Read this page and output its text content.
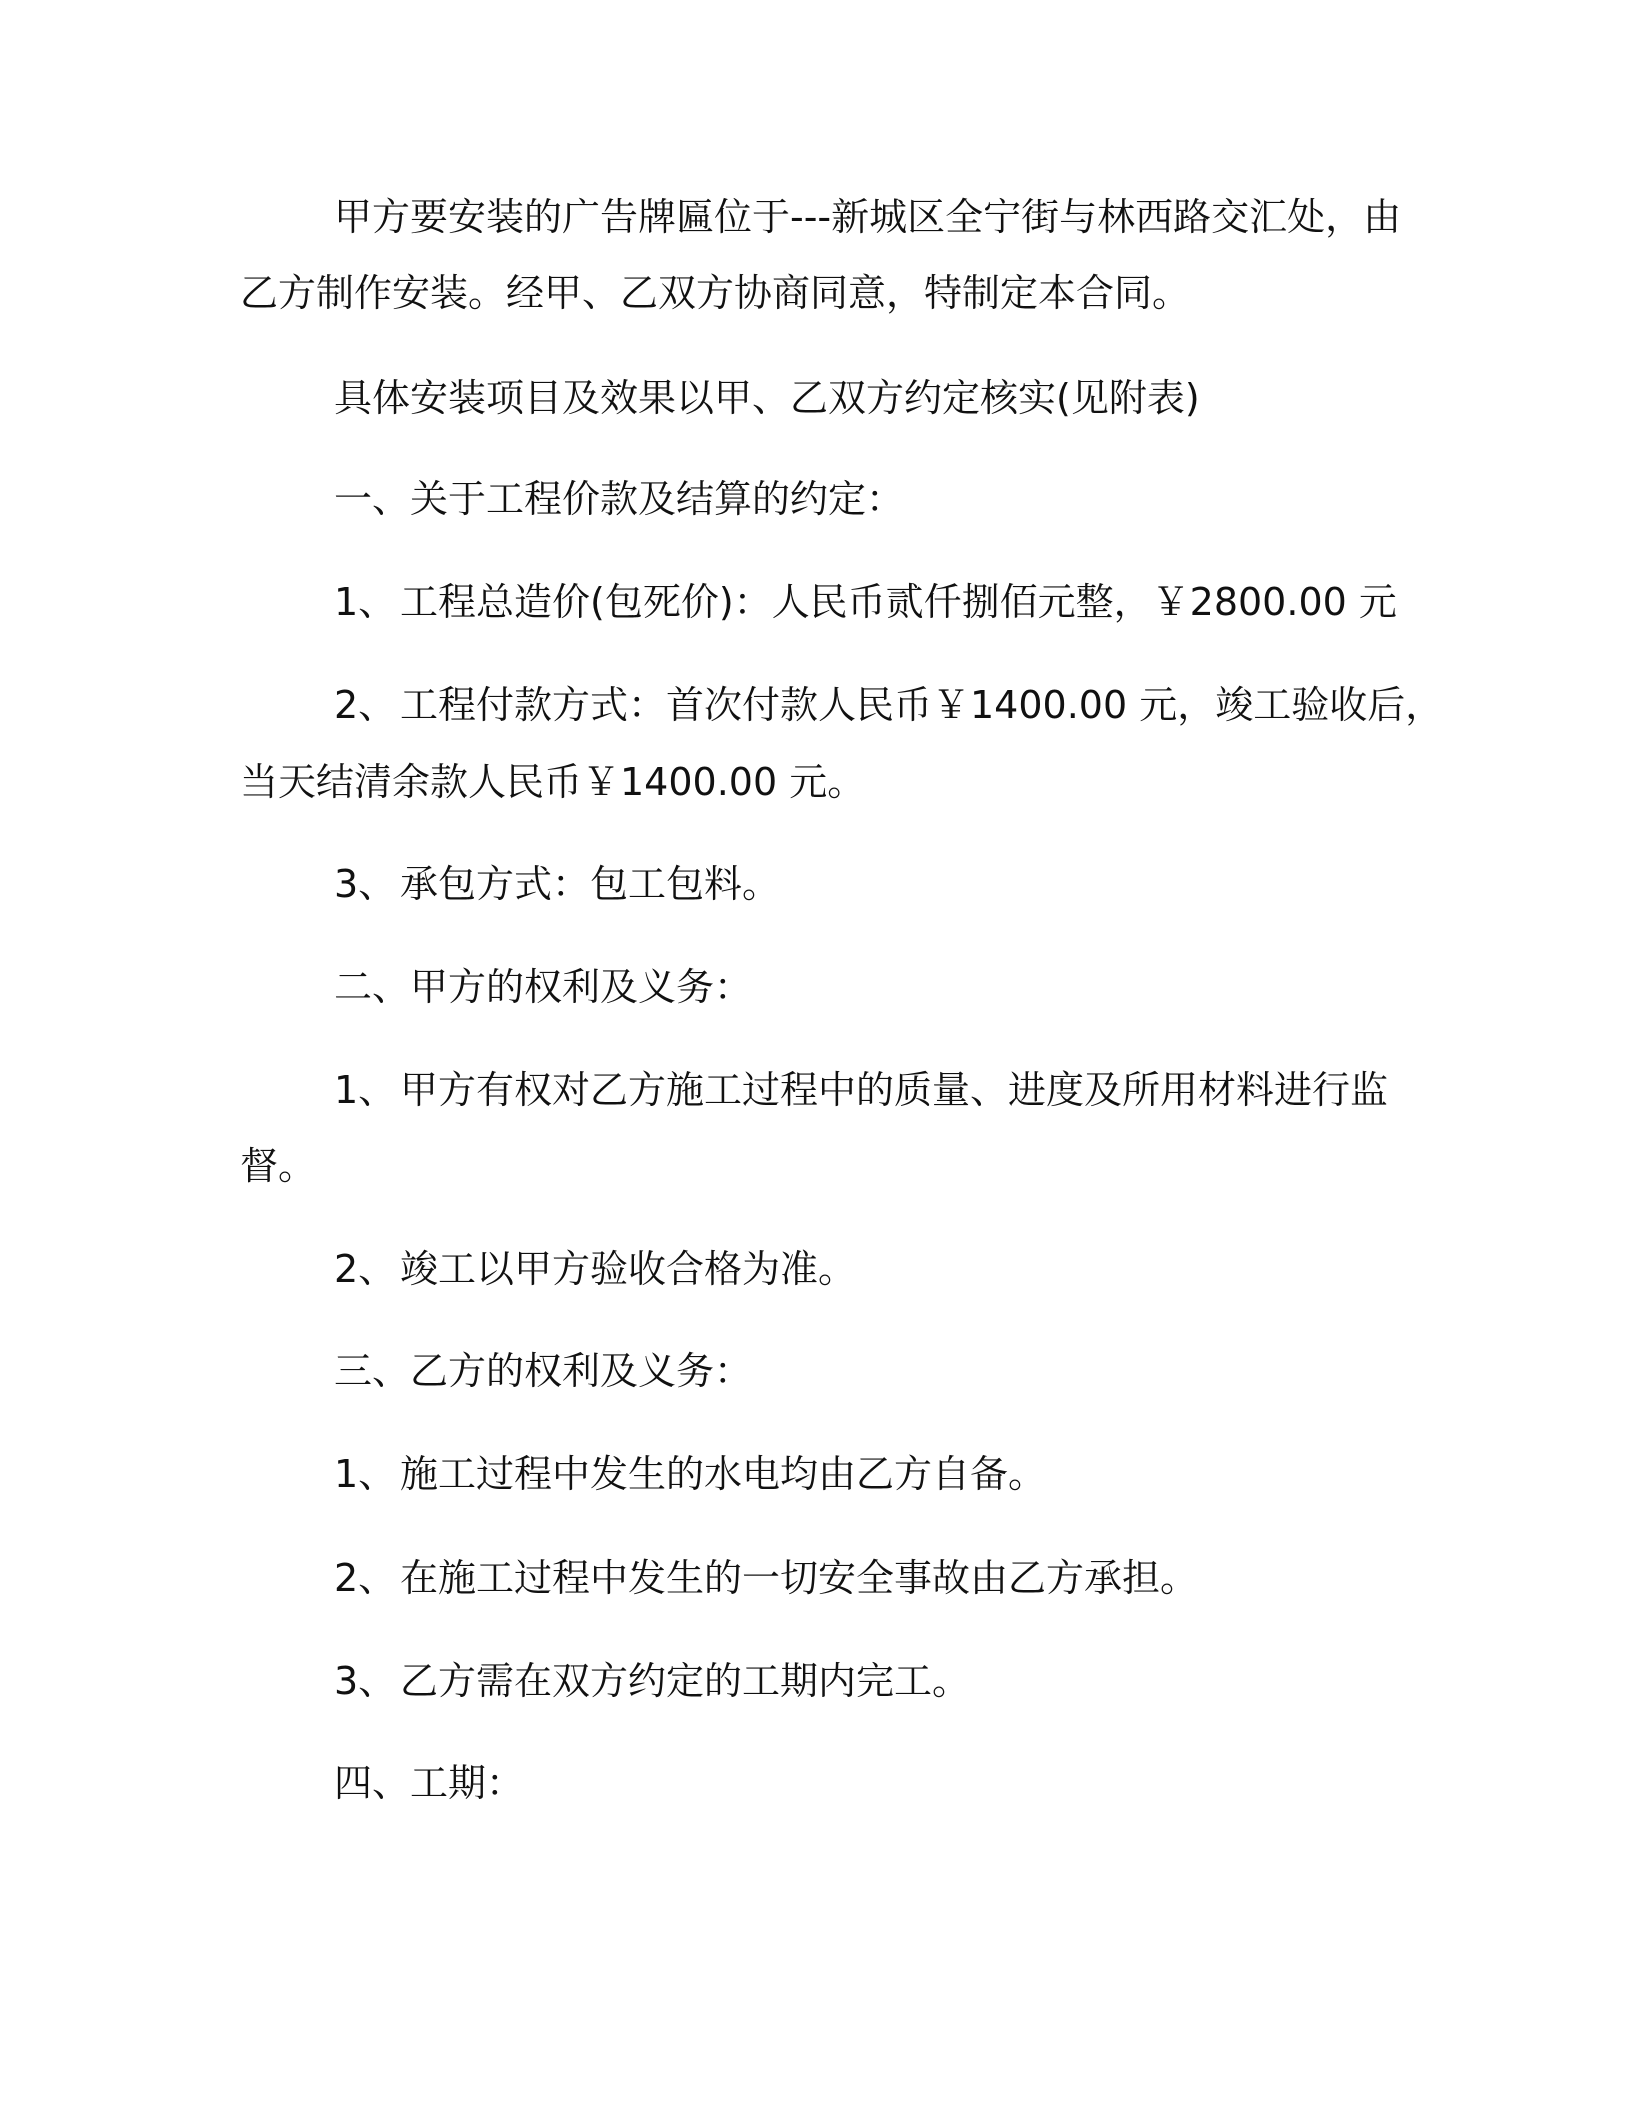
甲方要安装的广告牌匾位于---新城区全宁街与林西路交汇处，由
乙方制作安装。经甲、乙双方协商同意，特制定本合同。
具体安装项目及效果以甲、乙双方约定核实(见附表)
一、关于工程价款及结算的约定：
1、 工程总造价(包死价)：人民币贰仟捌佰元整，￥2800.00 元
2、 工程付款方式：首次付款人民币￥1400.00 元，竣工验收后，
当天结清余款人民币￥1400.00 元。
3、 承包方式：包工包料。
二、甲方的权利及义务：
1、 甲方有权对乙方施工过程中的质量、进度及所用材料进行监
督。
2、 竣工以甲方验收合格为准。
三、乙方的权利及义务：
1、 施工过程中发生的水电均由乙方自备。
2、 在施工过程中发生的一切安全事故由乙方承担。
3、 乙方需在双方约定的工期内完工。
四、工期：
